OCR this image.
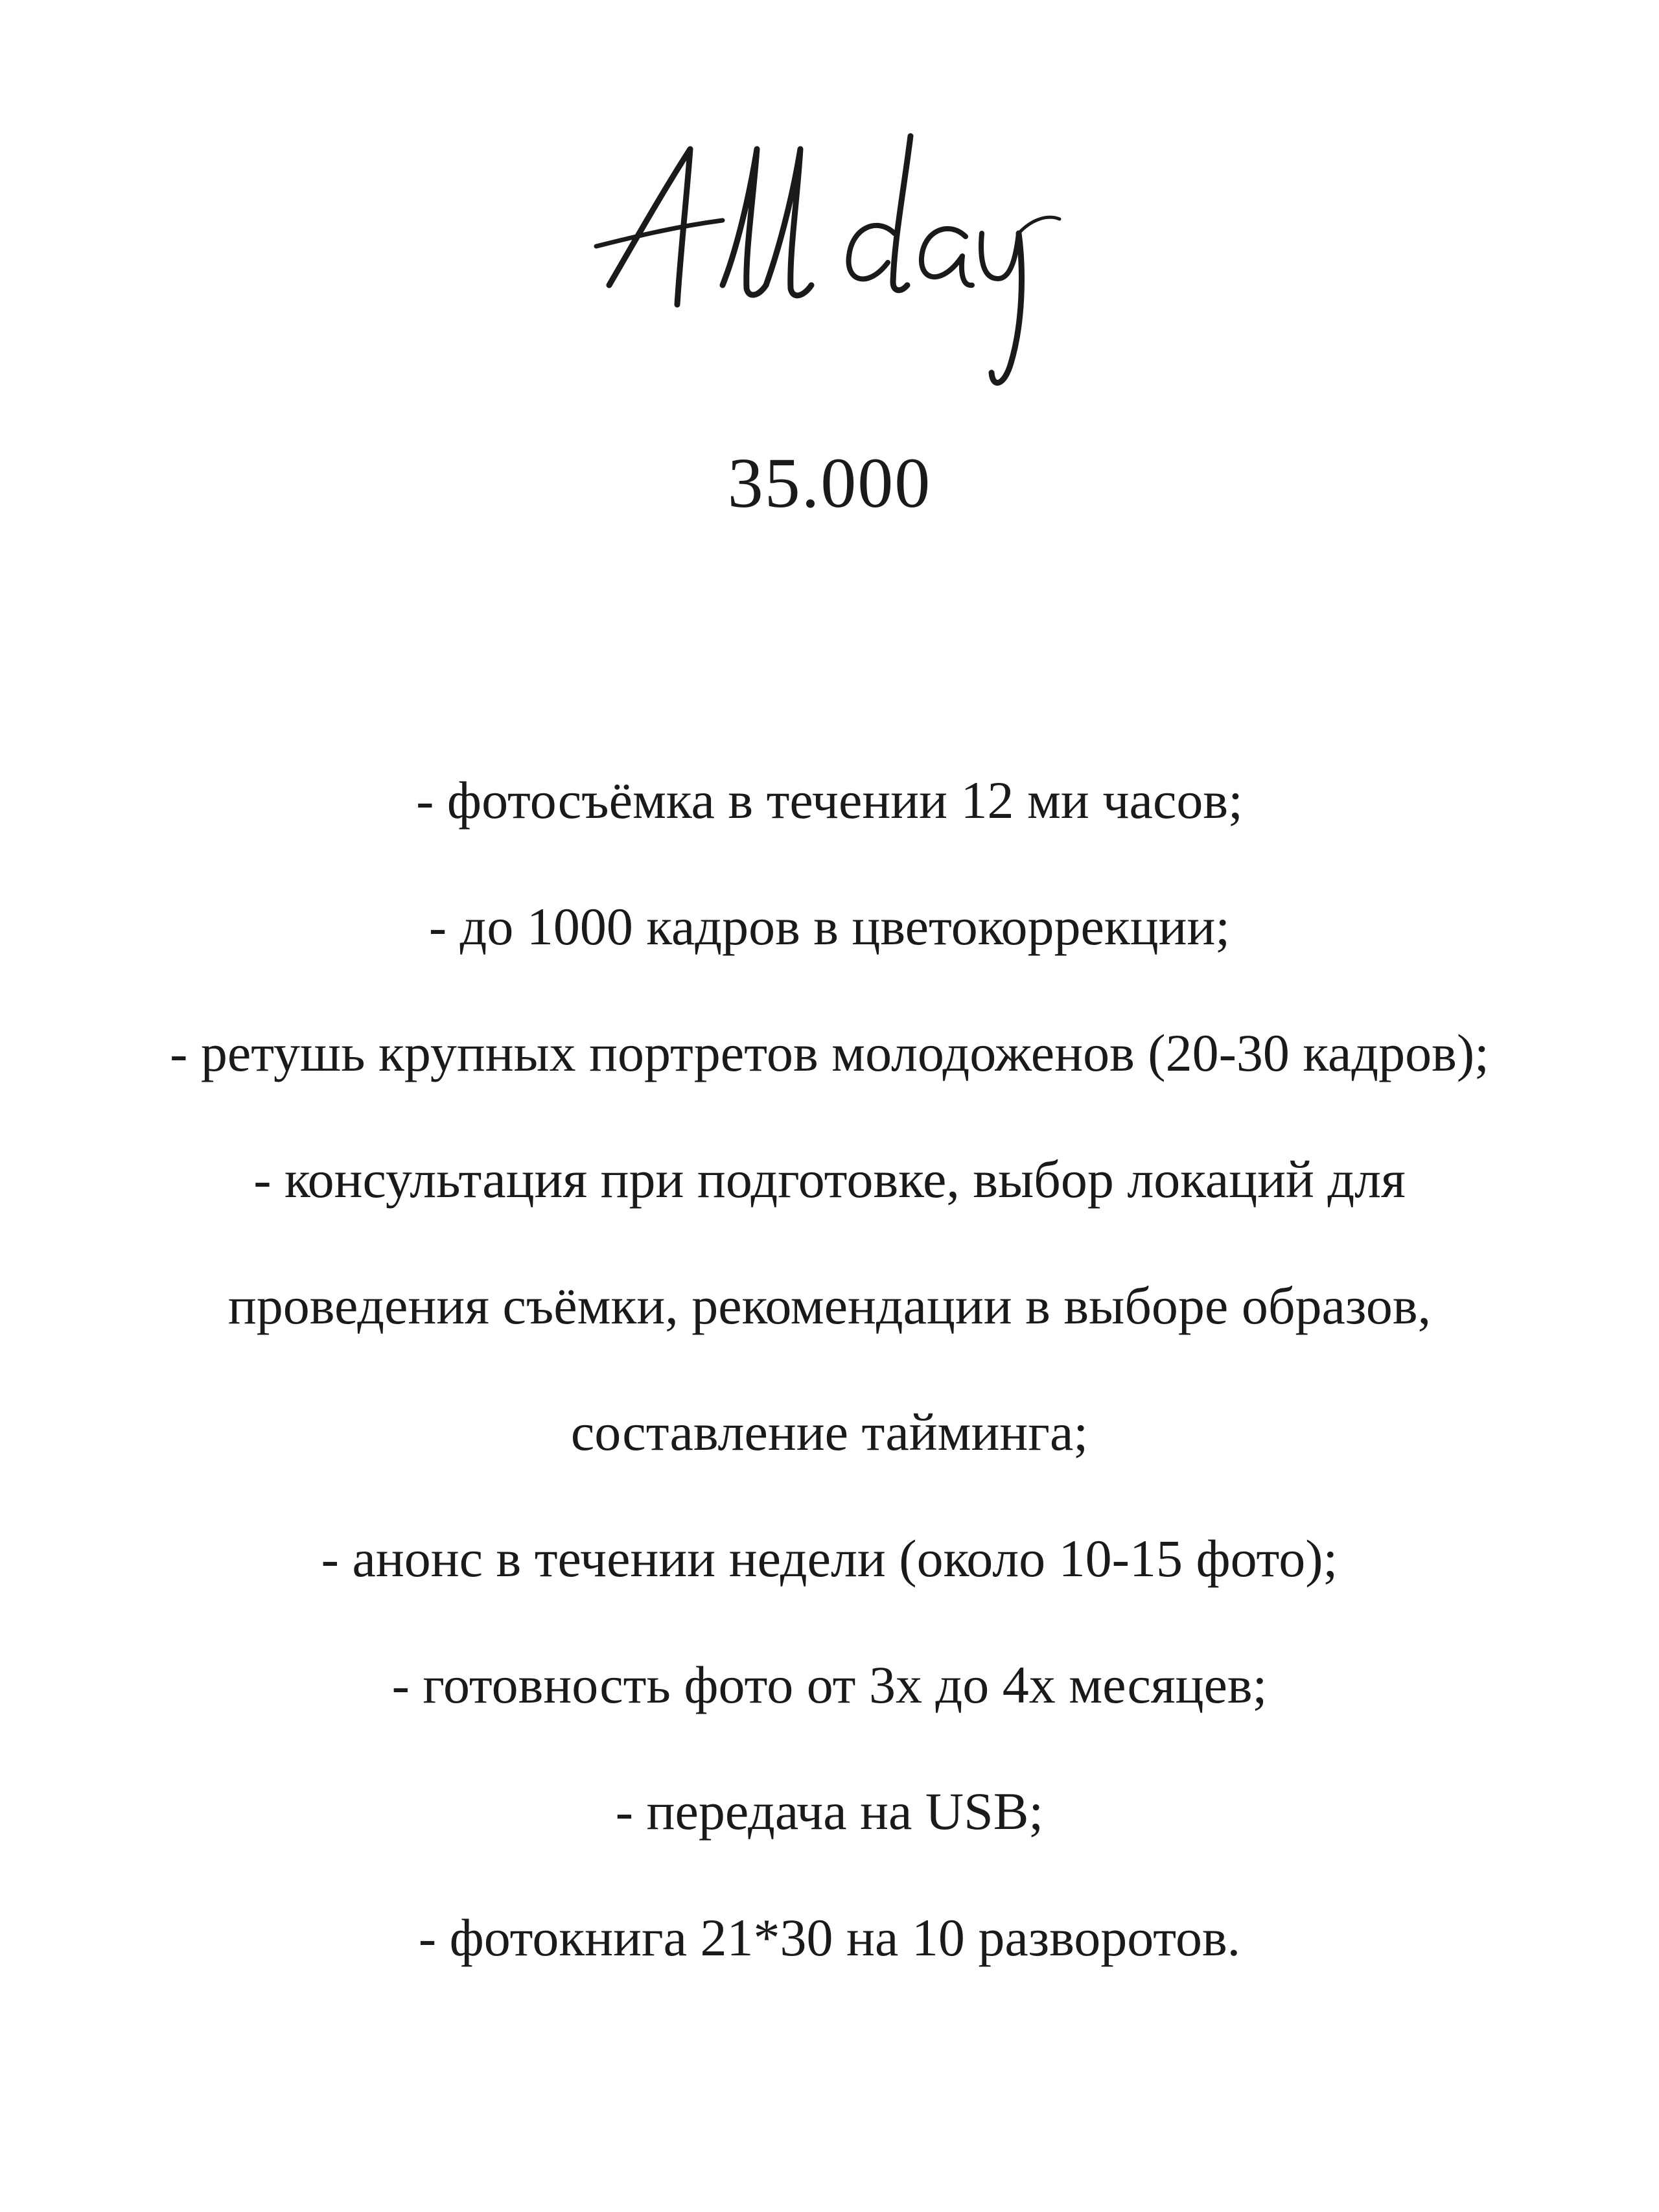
35.000
- фотосъёмка в течении 12 ми часов;
- до 1000 кадров в цветокоррекции;
- ретушь крупных портретов молодоженов (20-30 кадров);
- консультация при подготовке, выбор локаций для
проведения съёмки, рекомендации в выборе образов,
составление тайминга;
- анонс в течении недели (около 10-15 фото);
- готовность фото от 3х до 4х месяцев;
- передача на USB;
- фотокнига 21*30 на 10 разворотов.
